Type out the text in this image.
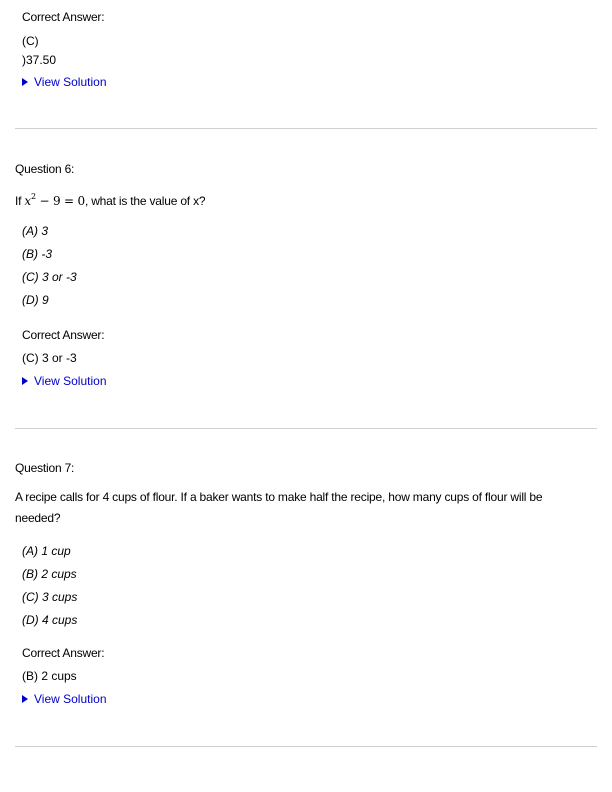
Correct Answer:
(C)
)37.50
View Solution
Question 6:
If $x^2 - 9 = 0$, what is the value of x?
(A) 3
(B) -3
(C) 3 or -3
(D) 9
Correct Answer:
(C) 3 or -3
View Solution
Question 7:
A recipe calls for 4 cups of flour. If a baker wants to make half the recipe, how many cups of flour will be needed?
(A) 1 cup
(B) 2 cups
(C) 3 cups
(D) 4 cups
Correct Answer:
(B) 2 cups
View Solution
